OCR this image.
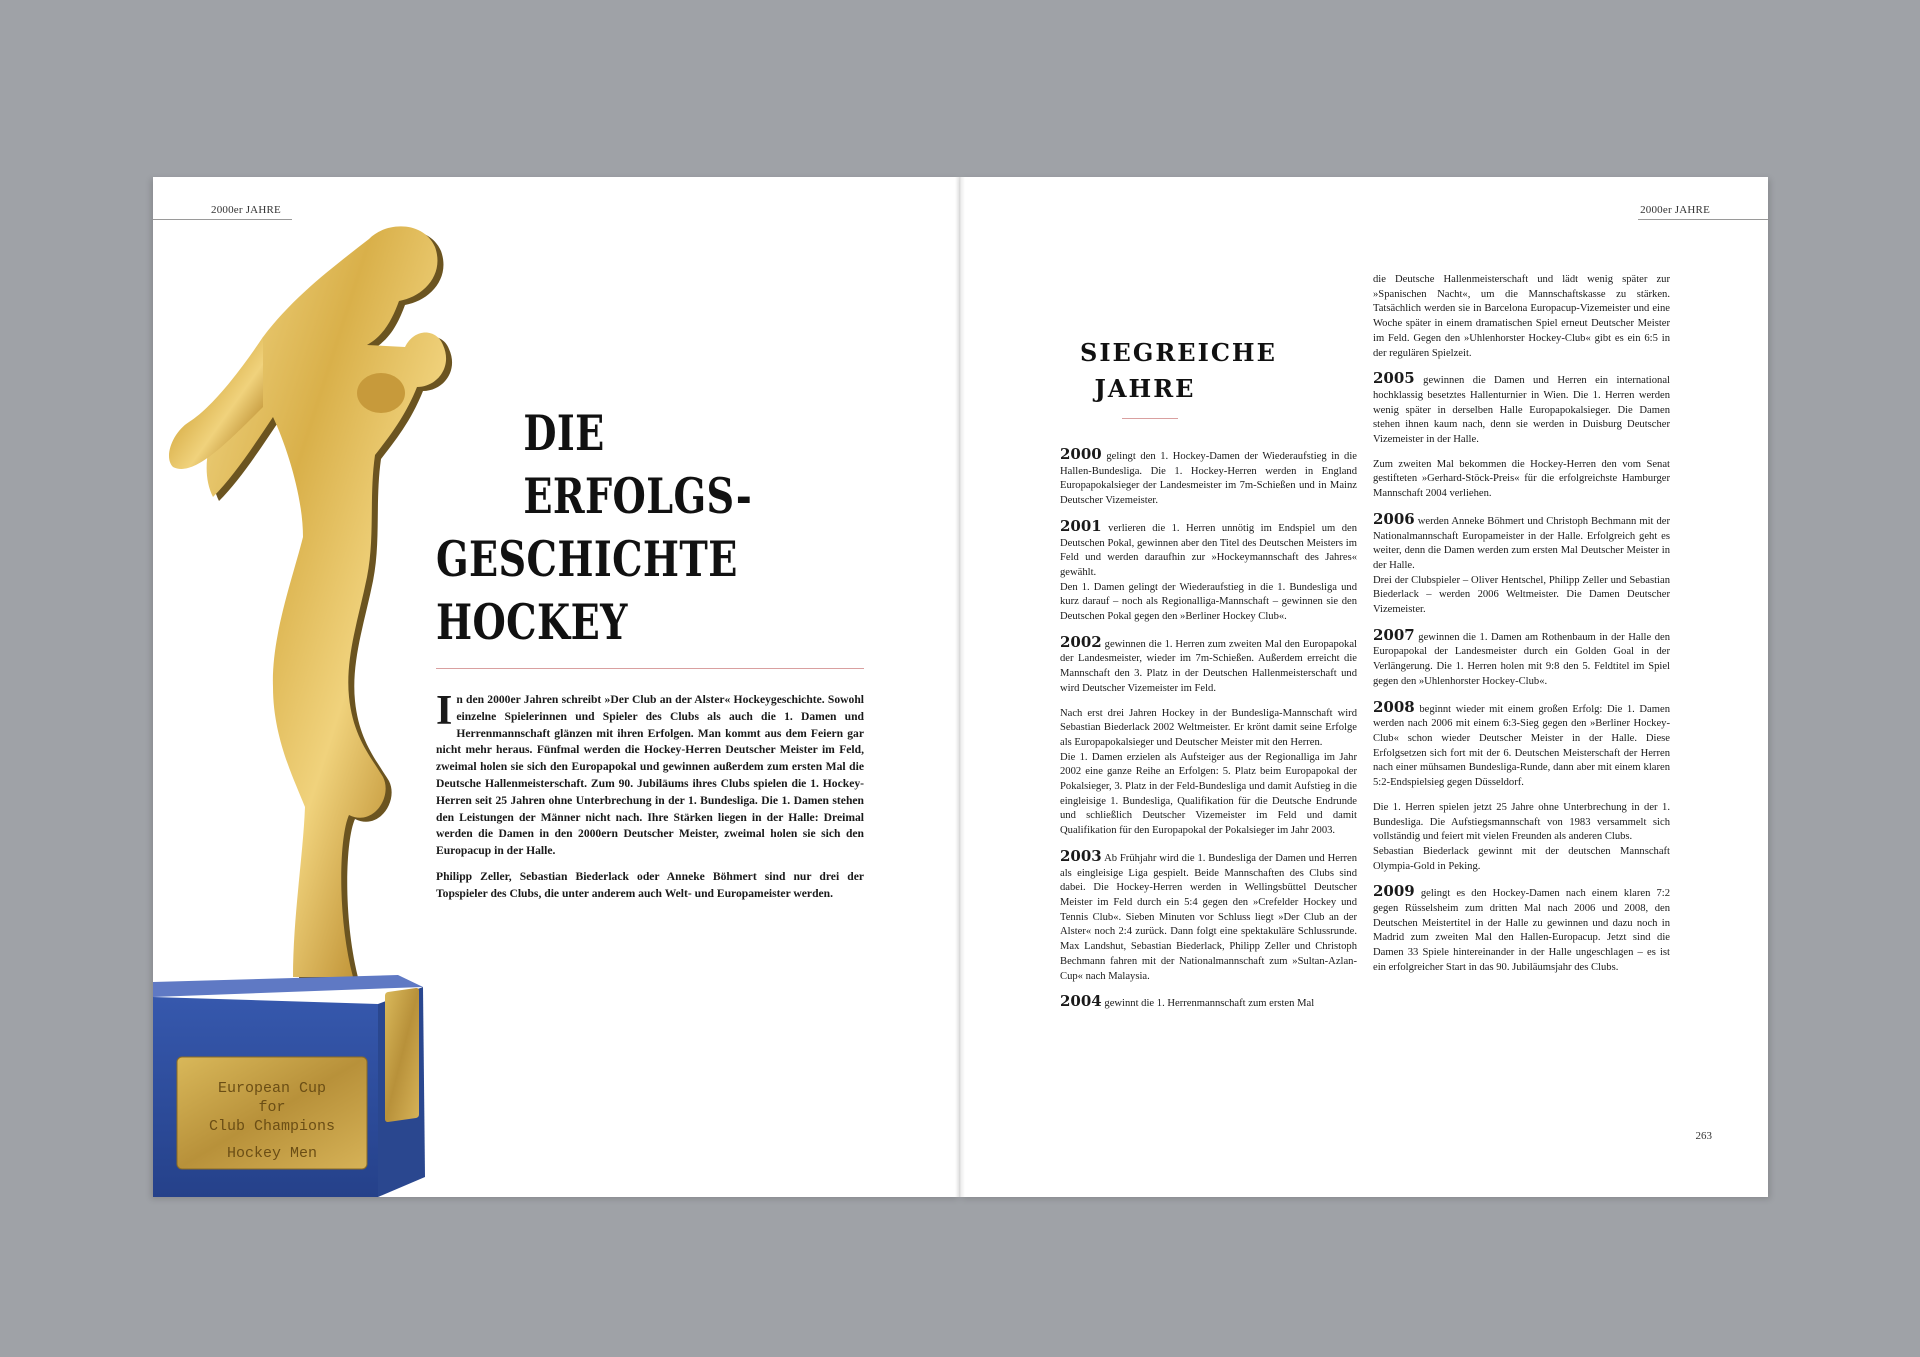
2000er JAHRE
European Cup
for
Club Champions
Hockey Men
DIE
ERFOLGS-
GESCHICHTE
HOCKEY

In den 2000er Jahren schreibt »Der Club an der Alster« Hockeygeschichte. Sowohl einzelne Spielerinnen und Spieler des Clubs als auch die 1. Damen und Herrenmannschaft glänzen mit ihren Erfolgen. Man kommt aus dem Feiern gar nicht mehr heraus. Fünfmal werden die Hockey-Herren Deutscher Meister im Feld, zweimal holen sie sich den Europapokal und gewinnen außerdem zum ersten Mal die Deutsche Hallenmeisterschaft. Zum 90. Jubiläums ihres Clubs spielen die 1. Hockey-Herren seit 25 Jahren ohne Unterbrechung in der 1. Bundesliga. Die 1. Damen stehen den Leistungen der Männer nicht nach. Ihre Stärken liegen in der Halle: Dreimal werden die Damen in den 2000ern Deutscher Meister, zweimal holen sie sich den Europacup in der Halle.

Philipp Zeller, Sebastian Biederlack oder Anneke Böhmert sind nur drei der Topspieler des Clubs, die unter anderem auch Welt- und Europameister werden.

2000er JAHRE
SIEGREICHE
JAHRE

2000 gelingt den 1. Hockey-Damen der Wiederaufstieg in die Hallen-Bundesliga. Die 1. Hockey-Herren werden in England Europapokalsieger der Landesmeister im 7m-Schießen und in Mainz Deutscher Vizemeister.

2001 verlieren die 1. Herren unnötig im Endspiel um den Deutschen Pokal, gewinnen aber den Titel des Deutschen Meisters im Feld und werden daraufhin zur »Hockeymannschaft des Jahres« gewählt.
Den 1. Damen gelingt der Wiederaufstieg in die 1. Bundesliga und kurz darauf – noch als Regionalliga-Mannschaft – gewinnen sie den Deutschen Pokal gegen den »Berliner Hockey Club«.

2002 gewinnen die 1. Herren zum zweiten Mal den Europapokal der Landesmeister, wieder im 7m-Schießen. Außerdem erreicht die Mannschaft den 3. Platz in der Deutschen Hallenmeisterschaft und wird Deutscher Vizemeister im Feld.

Nach erst drei Jahren Hockey in der Bundesliga-Mannschaft wird Sebastian Biederlack 2002 Weltmeister. Er krönt damit seine Erfolge als Europapokalsieger und Deutscher Meister mit den Herren.
Die 1. Damen erzielen als Aufsteiger aus der Regionalliga im Jahr 2002 eine ganze Reihe an Erfolgen: 5. Platz beim Europapokal der Pokalsieger, 3. Platz in der Feld-Bundesliga und damit Aufstieg in die eingleisige 1. Bundesliga, Qualifikation für die Deutsche Endrunde und schließlich Deutscher Vizemeister im Feld und damit Qualifikation für den Europapokal der Pokalsieger im Jahr 2003.

2003 Ab Frühjahr wird die 1. Bundesliga der Damen und Herren als eingleisige Liga gespielt. Beide Mannschaften des Clubs sind dabei. Die Hockey-Herren werden in Wellingsbüttel Deutscher Meister im Feld durch ein 5:4 gegen den »Crefelder Hockey und Tennis Club«. Sieben Minuten vor Schluss liegt »Der Club an der Alster« noch 2:4 zurück. Dann folgt eine spektakuläre Schlussrunde. Max Landshut, Sebastian Biederlack, Philipp Zeller und Christoph Bechmann fahren mit der Nationalmannschaft zum »Sultan-Azlan-Cup« nach Malaysia.

2004 gewinnt die 1. Herrenmannschaft zum ersten Mal

die Deutsche Hallenmeisterschaft und lädt wenig später zur »Spanischen Nacht«, um die Mannschaftskasse zu stärken. Tatsächlich werden sie in Barcelona Europacup-Vizemeister und eine Woche später in einem dramatischen Spiel erneut Deutscher Meister im Feld. Gegen den »Uhlenhorster Hockey-Club« gibt es ein 6:5 in der regulären Spielzeit.

2005 gewinnen die Damen und Herren ein international hochklassig besetztes Hallenturnier in Wien. Die 1. Herren werden wenig später in derselben Halle Europapokalsieger. Die Damen stehen ihnen kaum nach, denn sie werden in Duisburg Deutscher Vizemeister in der Halle.

Zum zweiten Mal bekommen die Hockey-Herren den vom Senat gestifteten »Gerhard-Stöck-Preis« für die erfolgreichste Hamburger Mannschaft 2004 verliehen.

2006 werden Anneke Böhmert und Christoph Bechmann mit der Nationalmannschaft Europameister in der Halle. Erfolgreich geht es weiter, denn die Damen werden zum ersten Mal Deutscher Meister in der Halle.
Drei der Clubspieler – Oliver Hentschel, Philipp Zeller und Sebastian Biederlack – werden 2006 Weltmeister. Die Damen Deutscher Vizemeister.

2007 gewinnen die 1. Damen am Rothenbaum in der Halle den Europapokal der Landesmeister durch ein Golden Goal in der Verlängerung. Die 1. Herren holen mit 9:8 den 5. Feldtitel im Spiel gegen den »Uhlenhorster Hockey-Club«.

2008 beginnt wieder mit einem großen Erfolg: Die 1. Damen werden nach 2006 mit einem 6:3-Sieg gegen den »Berliner Hockey-Club« schon wieder Deutscher Meister in der Halle. Diese Erfolgsetzen sich fort mit der 6. Deutschen Meisterschaft der Herren nach einer mühsamen Bundesliga-Runde, dann aber mit einem klaren 5:2-Endspielsieg gegen Düsseldorf.

Die 1. Herren spielen jetzt 25 Jahre ohne Unterbrechung in der 1. Bundesliga. Die Aufstiegsmannschaft von 1983 versammelt sich vollständig und feiert mit vielen Freunden als anderen Clubs.
Sebastian Biederlack gewinnt mit der deutschen Mannschaft Olympia-Gold in Peking.

2009 gelingt es den Hockey-Damen nach einem klaren 7:2 gegen Rüsselsheim zum dritten Mal nach 2006 und 2008, den Deutschen Meistertitel in der Halle zu gewinnen und dazu noch in Madrid zum zweiten Mal den Hallen-Europacup. Jetzt sind die Damen 33 Spiele hintereinander in der Halle ungeschlagen – es ist ein erfolgreicher Start in das 90. Jubiläumsjahr des Clubs.

263
